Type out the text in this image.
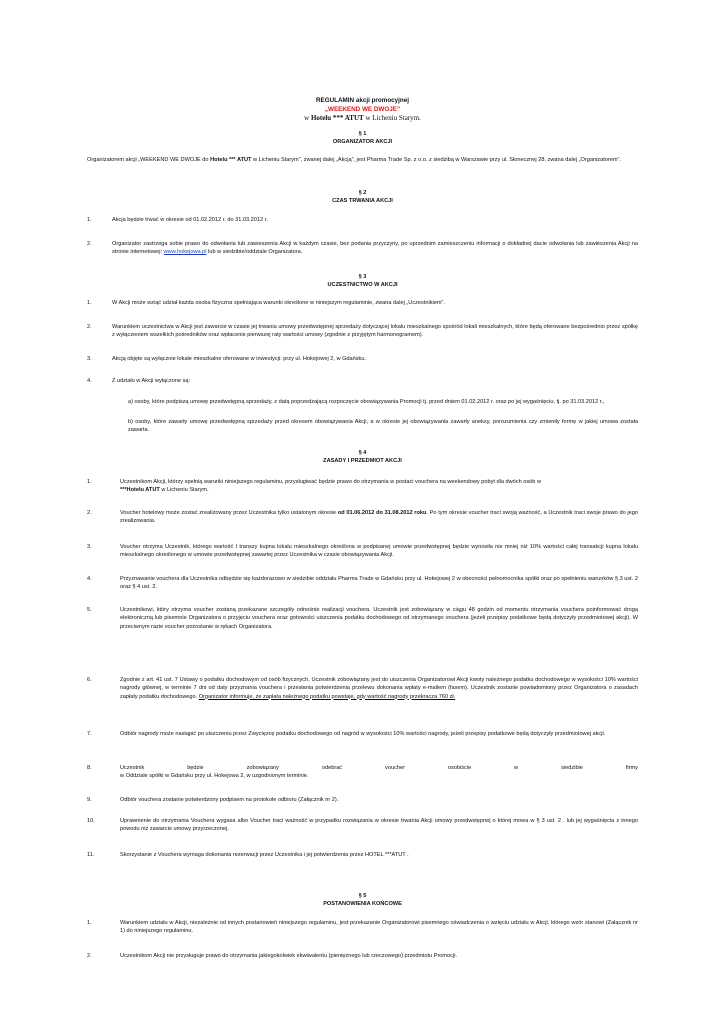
REGULAMIN akcji promocyjnej
„WEEKEND WE DWOJE”
w Hotelu *** ATUT w Licheniu Starym.
§ 1
ORGANIZATOR AKCJI
Organizatorem akcji „WEEKEND WE DWOJE do Hotelu *** ATUT w Licheniu Starym”, zwanej dalej „Akcją”, jest Pharma Trade Sp. z o.o. z siedzibą w Warszawie przy ul. Słonecznej 28, zwana dalej „Organizatorem”.
§ 2
CZAS TRWANIA AKCJI
1.	Akcja będzie trwać w okresie od 01.02.2012 r. do 31.03.2012 r.
2.	Organizator zastrzega sobie prawo do odwołania lub zawieszenia Akcji w każdym czasie, bez podania przyczyny, po uprzednim zamieszczeniu informacji o dokładnej dacie odwołania lub zawieszenia Akcji na stronie internetowej: www.hokejowa.pl lub w siedzibie/oddziale Organizatora.
§ 3
UCZESTNICTWO W AKCJI
1.	W Akcji może wziąć udział każda osoba fizyczna spełniająca warunki określone w niniejszym regulaminie, zwana dalej „Uczestnikiem”.
2.	Warunkiem uczestnictwa w Akcji jest zawarcie w czasie jej trwania umowy przedwstępnej sprzedaży dotyczącej lokalu mieszkalnego spośród lokali mieszkalnych, które będą oferowane bezpośrednio przez spółkę z wyłączeniem wszelkich pośredników oraz wpłacenie pierwszej raty wartości umowy (zgodnie z przyjętym harmonogramem).
3.	Akcją objęte są wyłącznie lokale mieszkalne oferowane w inwestycji: przy ul. Hokejowej 2, w Gdańsku.
4.	Z udziału w Akcji wyłączone są:
a) osoby, które podpiszą umowę przedwstępną sprzedaży, z datą poprzedzającą rozpoczęcie obowiązywania Promocji tj. przed dniem 01.02.2012 r. oraz po jej wygaśnięciu, tj. po 31.03.2012 r.,
b) osoby, które zawarły umowę przedwstępną sprzedaży przed okresem obowiązywania Akcji, a w okresie jej obowiązywania zawarły aneksy, porozumienia czy zmieniły formę w jakiej umowa została zawarta.
§ 4
ZASADY I PRZEDMIOT AKCJI
1.	Uczestnikom Akcji, którzy spełnią warunki niniejszego regulaminu, przysługiwać będzie prawo do otrzymania w postaci vouchera na weekendowy pobyt dla dwóch osób w
***Hotelu ATUT w Licheniu Starym.
2.	Voucher hotelowy może zostać zrealizowany przez Uczestnika tylko ustalonym okresie od 01.06.2012 do 31.08.2012 roku. Po tym okresie voucher traci swoją ważność, a Uczestnik traci swoje prawo do jego zrealizowania.
3.	Voucher otrzyma Uczestnik, którego wartość I transzy kupna lokalu mieszkalnego określona w podpisanej umowie przedwstępnej będzie wynosiła nie mniej niż 10% wartości całej transakcji kupna lokalu mieszkalnego określonego w umowie przedwstępnej zawartej przez Uczestnika w czasie obowiązywania Akcji.
4.	Przyznawanie vouchera dla Uczestnika odbędzie się każdorazowo w siedzibie oddziału Pharma Trade w Gdańsku przy ul. Hokejowej 2 w obecności pełnomocnika spółki oraz po spełnieniu warunków § 3 ust. 2 oraz § 4 ust. 2.
5.	Uczestnikowi, który otrzyma voucher zostaną przekazane szczegóły odnośnie realizacji vouchera. Uczestnik jest zobowiązany w ciągu 48 godzin od momentu otrzymania vouchera poinformować drogą elektroniczną lub pisemnie Organizatora o przyjęciu vouchera oraz gotowości uiszczenia podatku dochodowego od otrzymanego vouchera (jeżeli przepisy podatkowe będą dotyczyły przedmiotowej akcji). W przeciwnym razie voucher pozostanie w rękach Organizatora.
6.	Zgodnie z art. 41 ust. 7 Ustawy o podatku dochodowym od osób fizycznych, Uczestnik zobowiązany jest do uiszczenia Organizatorowi Akcji kwoty należnego podatku dochodowego w wysokości 10% wartości nagrody głównej, w terminie 7 dni od daty przyznania vouchera i przesłania potwierdzenia przelewu dokonania wpłaty e-mailem (faxem). Uczestnik zostanie powiadomiony przez Organizatora o zasadach zapłaty podatku dochodowego. Organizator informuje, że zapłata należnego podatku powstaje, gdy wartość nagrody przekracza 760 zł.
7.	Odbiór nagrody może nastąpić po uiszczeniu przez Zwycięzcę podatku dochodowego od nagród w wysokości 10% wartości nagrody, jeżeli przepisy podatkowe będą dotyczyły przedmiotowej akcji.
8.	Uczestnik	będzie	zobowiązany	odebrać	voucher	osobiście	w	siedzibie	firmy
w Oddziale spółki w Gdańsku przy ul. Hokejowa 2, w uzgodnionym terminie.
9.	Odbiór vouchera zostanie potwierdzony podpisem na protokole odbioru (Załącznik nr 2).
10.	Uprawnienie do otrzymania Vouchera wygasa albo Voucher traci ważność w przypadku rozwiązania w okresie trwania Akcji umowy przedwstępnej o której mowa w § 3 ust. 2 . lub jej wygaśnięcia z innego powodu niż zawarcie umowy przyrzeczonej.
11.	Skorzystanie z Vouchera wymaga dokonania rezerwacji przez Uczestnika i jej potwierdzenia przez HOTEL ***ATUT .
§ 5
POSTANOWIENIA KOŃCOWE
1.	Warunkiem udziału w Akcji, niezależnie od innych postanowień niniejszego regulaminu, jest przekazanie Organizatorowi pisemnego oświadczenia o wzięciu udziału w Akcji, którego wzór stanowi (Załącznik nr 1) do niniejszego regulaminu.
2.	Uczestnikom Akcji nie przysługuje prawo do otrzymania jakiegokolwiek ekwiwalentu (pieniężnego lub rzeczowego) przedmiotu Promocji.
